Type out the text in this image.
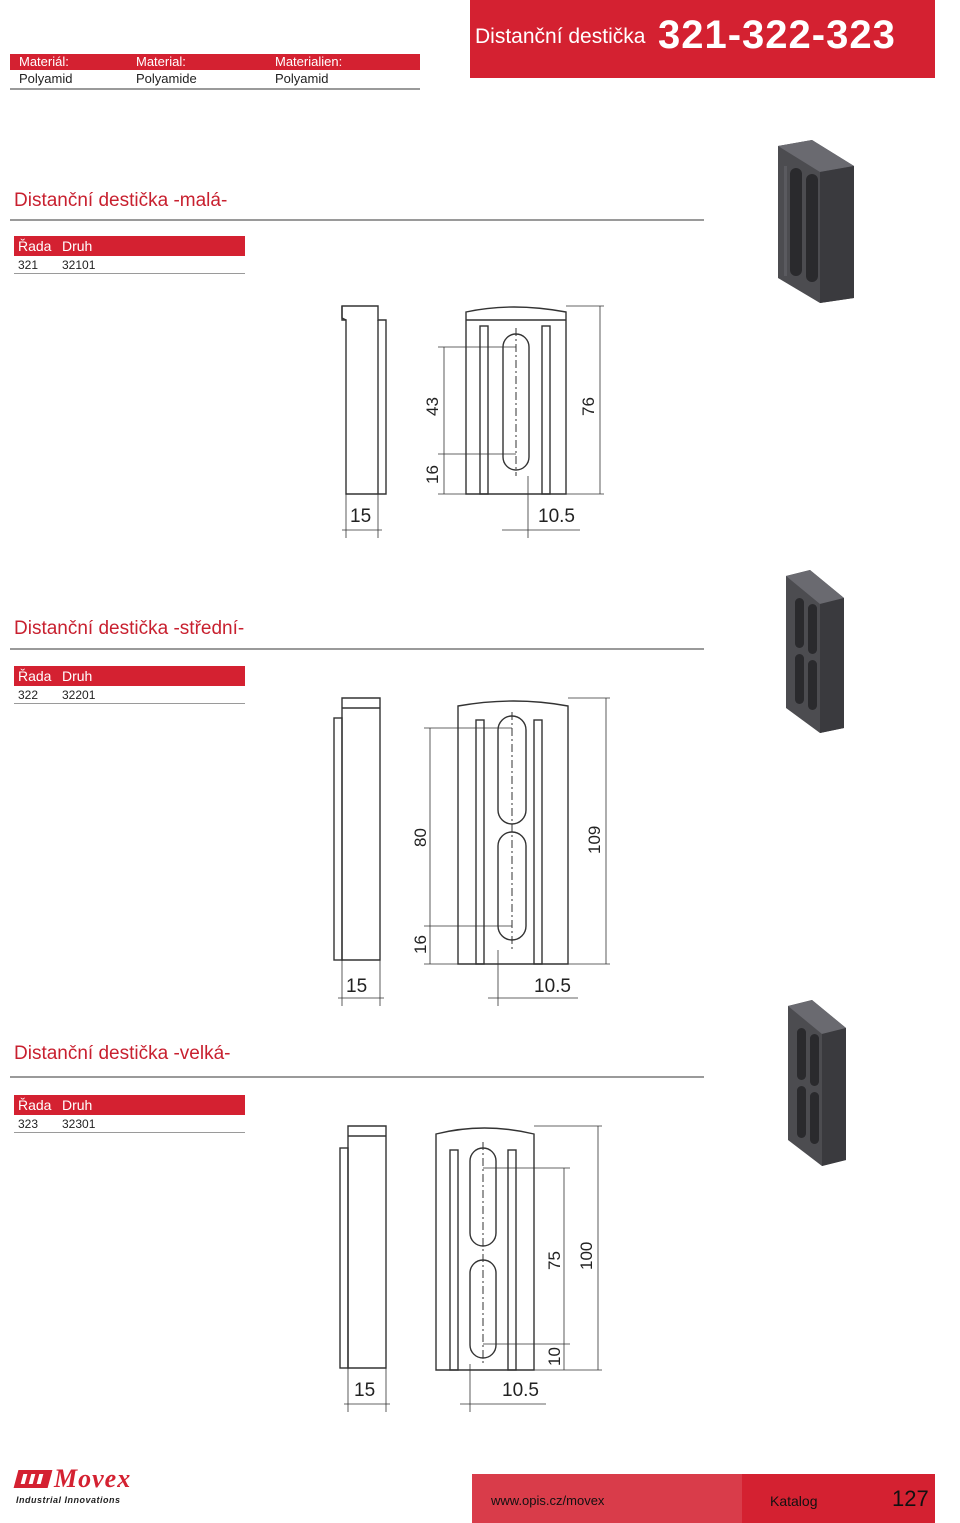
Materiál:
Polyamid
Material:
Polyamide
Materialien:
Polyamid
Distanční destička 321-322-323
Distanční destička -malá-
Řada Druh
321 32101
43
16
76
15	10.5
Distanční destička -střední-
Řada Druh
322 32201
80
16
109
15	10.5
Distanční destička -velká-
Řada Druh
323 32301
75
10
100
15	10.5
Movex
Industrial Innovations	www.opis.cz/movex	Katalog	127
